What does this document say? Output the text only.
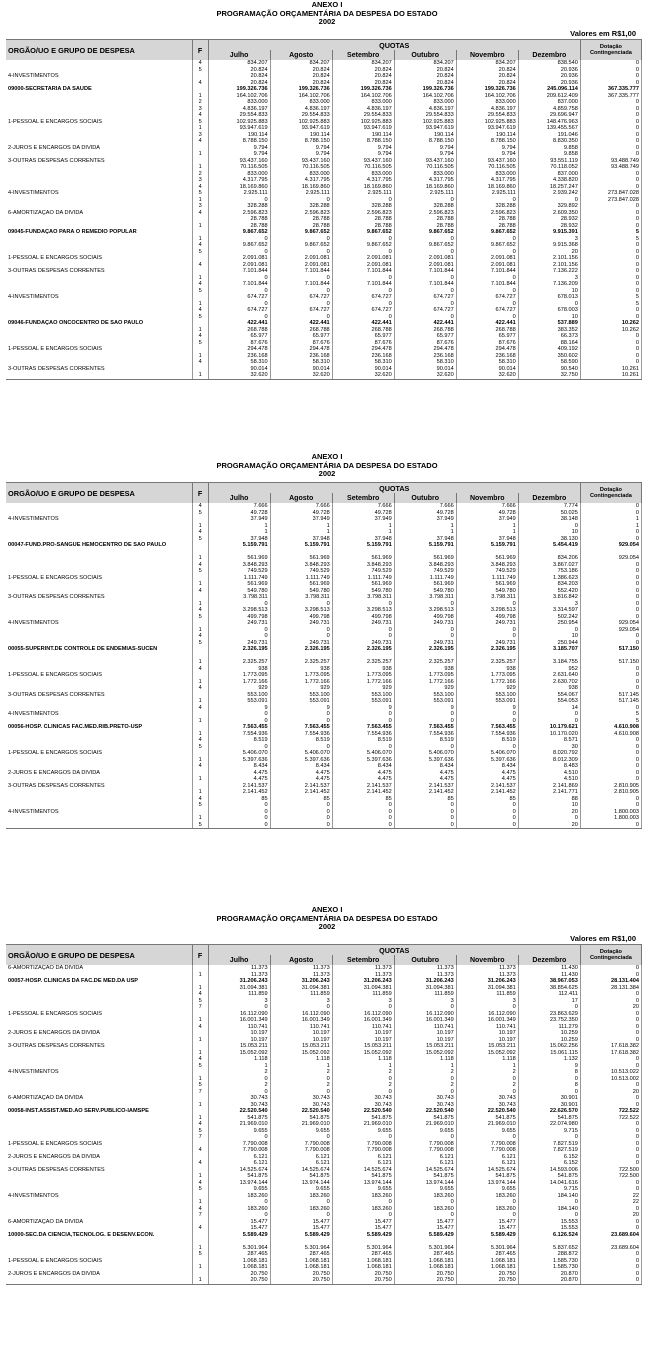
ANEXO I
PROGRAMAÇÃO ORÇAMENTÁRIA DA DESPESA DO ESTADO
2002
Valores em R$1,00
ORGÃO/UO E GRUPO DE DESPESA	F	QUOTAS						Dotação Contingenciada
		Julho	Agosto	Setembro	Outubro	Novembro	Dezembro	
	4	834.207	834.207	834.207	834.207	834.207	838.540	0
	5	20.824	20.824	20.824	20.824	20.824	20.936	0
4-INVESTIMENTOS		20.824	20.824	20.824	20.824	20.824	20.936	0
	4	20.824	20.824	20.824	20.824	20.824	20.936	0
09000-SECRETARIA DA SAÚDE		199.326.736	199.326.736	199.326.736	199.326.736	199.326.736	245.096.114	367.335.777
	1	164.102.706	164.102.706	164.102.706	164.102.706	164.102.706	209.612.409	367.335.777
	2	833.000	833.000	833.000	833.000	833.000	837.000	0
	3	4.836.197	4.836.197	4.836.197	4.836.197	4.836.197	4.859.758	0
	4	29.554.833	29.554.833	29.554.833	29.554.833	29.554.833	29.696.947	0
1-PESSOAL E ENCARGOS SOCIAIS	5	102.925.883	102.925.883	102.925.883	102.925.883	102.925.883	148.476.963	0
	1	93.947.619	93.947.619	93.947.619	93.947.619	93.947.619	139.455.567	0
	3	190.114	190.114	190.114	190.114	190.114	191.046	0
	4	8.788.150	8.788.150	8.788.150	8.788.150	8.788.150	8.830.350	0
2-JUROS E ENCARGOS DA DÍVIDA		9.794	9.794	9.794	9.794	9.794	9.858	0
	1	9.794	9.794	9.794	9.794	9.794	9.858	0
3-OUTRAS DESPESAS CORRENTES		93.437.160	93.437.160	93.437.160	93.437.160	93.437.160	93.551.119	93.488.749
	1	70.116.505	70.116.505	70.116.505	70.116.505	70.116.505	70.118.052	93.488.749
	2	833.000	833.000	833.000	833.000	833.000	837.000	0
	3	4.317.795	4.317.795	4.317.795	4.317.795	4.317.795	4.338.820	0
	4	18.169.860	18.169.860	18.169.860	18.169.860	18.169.860	18.257.247	0
4-INVESTIMENTOS	5	2.925.111	2.925.111	2.925.111	2.925.111	2.925.111	2.939.242	273.847.028
	1	0	0	0	0	0	0	273.847.028
	3	328.288	328.288	328.288	328.288	328.288	329.892	0
6-AMORTIZAÇÃO DA DÍVIDA	4	2.596.823	2.596.823	2.596.823	2.596.823	2.596.823	2.609.350	0
		28.788	28.788	28.788	28.788	28.788	28.932	0
	1	28.788	28.788	28.788	28.788	28.788	28.932	0
09045-FUNDAÇÃO PARA O REMÉDIO POPULAR		9.867.652	9.867.652	9.867.652	9.867.652	9.867.652	9.915.391	5
	1	0	0	0	0	0	3	5
	4	9.867.652	9.867.652	9.867.652	9.867.652	9.867.652	9.915.368	0
	5	0	0	0	0	0	20	0
1-PESSOAL E ENCARGOS SOCIAIS		2.091.081	2.091.081	2.091.081	2.091.081	2.091.081	2.101.156	0
	4	2.091.081	2.091.081	2.091.081	2.091.081	2.091.081	2.101.156	0
3-OUTRAS DESPESAS CORRENTES		7.101.844	7.101.844	7.101.844	7.101.844	7.101.844	7.136.222	0
	1	0	0	0	0	0	3	0
	4	7.101.844	7.101.844	7.101.844	7.101.844	7.101.844	7.136.209	0
	5	0	0	0	0	0	10	0
4-INVESTIMENTOS		674.727	674.727	674.727	674.727	674.727	678.013	5
	1	0	0	0	0	0	0	5
	4	674.727	674.727	674.727	674.727	674.727	678.003	0
	5	0	0	0	0	0	10	0
09046-FUNDAÇÃO ONCOCENTRO DE SÃO PAULO		422.441	422.441	422.441	422.441	422.441	537.889	10.262
	1	268.788	268.788	268.788	268.788	268.788	383.352	10.262
	4	65.977	65.977	65.977	65.977	65.977	66.373	0
	5	87.676	87.676	87.676	87.676	87.676	88.164	0
1-PESSOAL E ENCARGOS SOCIAIS		294.478	294.478	294.478	294.478	294.478	409.192	0
	1	236.168	236.168	236.168	236.168	236.168	350.602	0
	4	58.310	58.310	58.310	58.310	58.310	58.590	0
3-OUTRAS DESPESAS CORRENTES		90.014	90.014	90.014	90.014	90.014	90.540	10.261
	1	32.620	32.620	32.620	32.620	32.620	32.750	10.261
ANEXO I
PROGRAMAÇÃO ORÇAMENTÁRIA DA DESPESA DO ESTADO
2002
ORGÃO/UO E GRUPO DE DESPESA	F	QUOTAS						Dotação Contingenciada
		Julho	Agosto	Setembro	Outubro	Novembro	Dezembro	
	4	7.666	7.666	7.666	7.666	7.666	7.774	0
	5	49.728	49.728	49.728	49.728	49.728	50.025	0
4-INVESTIMENTOS		37.949	37.949	37.949	37.949	37.949	38.148	1
	1	1	1	1	1	1	0	1
	4	1	1	1	1	1	10	0
	5	37.948	37.948	37.948	37.948	37.948	38.130	0
00047-FUND.PRÓ-SANGUE HEMOCENTRO DE SÃO PAULO		5.159.791	5.159.791	5.159.791	5.159.791	5.159.791	5.454.419	929.054

	1	561.969	561.969	561.969	561.969	561.969	834.206	929.054
	4	3.848.293	3.848.293	3.848.293	3.848.293	3.848.293	3.867.027	0
	5	749.529	749.529	749.529	749.529	749.529	753.186	0
1-PESSOAL E ENCARGOS SOCIAIS		1.111.749	1.111.749	1.111.749	1.111.749	1.111.749	1.386.623	0
	1	561.969	561.969	561.969	561.969	561.969	834.203	0
	4	549.780	549.780	549.780	549.780	549.780	552.420	0
3-OUTRAS DESPESAS CORRENTES		3.798.311	3.798.311	3.798.311	3.798.311	3.798.311	3.816.842	0
	1	0	0	0	0	0	3	0
	4	3.298.513	3.298.513	3.298.513	3.298.513	3.298.513	3.314.597	0
	5	499.798	499.798	499.798	499.798	499.798	502.242	0
4-INVESTIMENTOS		249.731	249.731	249.731	249.731	249.731	250.954	929.054
	1	0	0	0	0	0	0	929.054
	4	0	0	0	0	0	10	0
	5	249.731	249.731	249.731	249.731	249.731	250.944	0
00055-SUPERINT.DE CONTROLE DE ENDEMIAS-SUCEN		2.326.195	2.326.195	2.326.195	2.326.195	2.326.195	3.185.707	517.150

	1	2.325.257	2.325.257	2.325.257	2.325.257	2.325.257	3.184.755	517.150
	4	938	938	938	938	938	952	0
1-PESSOAL E ENCARGOS SOCIAIS		1.773.095	1.773.095	1.773.095	1.773.095	1.773.095	2.631.640	0
	1	1.772.166	1.772.166	1.772.166	1.772.166	1.772.166	2.630.702	0
	4	929	929	929	929	929	938	0
3-OUTRAS DESPESAS CORRENTES		553.100	553.100	553.100	553.100	553.100	554.067	517.145
	1	553.091	553.091	553.091	553.091	553.091	554.053	517.145
	4	9	9	9	9	9	14	0
4-INVESTIMENTOS		0	0	0	0	0	0	5
	1	0	0	0	0	0	0	5
00056-HOSP. CLÍNICAS FAC.MED.RIB.PRETO-USP		7.563.455	7.563.455	7.563.455	7.563.455	7.563.455	10.179.621	4.610.908
	1	7.554.936	7.554.936	7.554.936	7.554.936	7.554.936	10.170.020	4.610.908
	4	8.519	8.519	8.519	8.519	8.519	8.571	0
	5	0	0	0	0	0	30	0
1-PESSOAL E ENCARGOS SOCIAIS		5.406.070	5.406.070	5.406.070	5.406.070	5.406.070	8.020.792	0
	1	5.397.636	5.397.636	5.397.636	5.397.636	5.397.636	8.012.309	0
	4	8.434	8.434	8.434	8.434	8.434	8.483	0
2-JUROS E ENCARGOS DA DÍVIDA		4.475	4.475	4.475	4.475	4.475	4.510	0
	1	4.475	4.475	4.475	4.475	4.475	4.510	0
3-OUTRAS DESPESAS CORRENTES		2.141.537	2.141.537	2.141.537	2.141.537	2.141.537	2.141.869	2.810.905
	1	2.141.452	2.141.452	2.141.452	2.141.452	2.141.452	2.141.771	2.810.905
	4	85	85	85	85	85	88	0
	5	0	0	0	0	0	10	0
4-INVESTIMENTOS		0	0	0	0	0	20	1.800.003
	1	0	0	0	0	0	0	1.800.003
	5	0	0	0	0	0	20	0
ANEXO I
PROGRAMAÇÃO ORÇAMENTÁRIA DA DESPESA DO ESTADO
2002
Valores em R$1,00
ORGÃO/UO E GRUPO DE DESPESA	F	QUOTAS						Dotação Contingenciada
		Julho	Agosto	Setembro	Outubro	Novembro	Dezembro	
6-AMORTIZAÇÃO DA DÍVIDA		11.373	11.373	11.373	11.373	11.373	11.430	0
	1	11.373	11.373	11.373	11.373	11.373	11.430	0
00057-HOSP. CLÍNICAS DA FAC.DE MED.DA USP		31.206.243	31.206.243	31.206.243	31.206.243	31.206.243	38.967.053	28.131.404
	1	31.094.381	31.094.381	31.094.381	31.094.381	31.094.381	38.854.625	28.131.384
	4	111.859	111.859	111.859	111.859	111.859	112.411	0
	5	3	3	3	3	3	17	0
	7	0	0	0	0	0	0	20
1-PESSOAL E ENCARGOS SOCIAIS		16.112.090	16.112.090	16.112.090	16.112.090	16.112.090	23.863.629	0
	1	16.001.349	16.001.349	16.001.349	16.001.349	16.001.349	23.752.350	0
	4	110.741	110.741	110.741	110.741	110.741	111.279	0
2-JUROS E ENCARGOS DA DÍVIDA		10.197	10.197	10.197	10.197	10.197	10.259	0
	1	10.197	10.197	10.197	10.197	10.197	10.259	0
3-OUTRAS DESPESAS CORRENTES		15.053.211	15.053.211	15.053.211	15.053.211	15.053.211	15.062.256	17.618.382
	1	15.052.092	15.052.092	15.052.092	15.052.092	15.052.092	15.061.115	17.618.382
	4	1.118	1.118	1.118	1.118	1.118	1.132	0
	5	1	1	1	1	1	9	0
4-INVESTIMENTOS		2	2	2	2	2	8	10.513.022
	1	0	0	0	0	0	0	10.513.002
	5	2	2	2	2	2	8	0
	7	0	0	0	0	0	0	20
6-AMORTIZAÇÃO DA DÍVIDA		30.743	30.743	30.743	30.743	30.743	30.901	0
	1	30.743	30.743	30.743	30.743	30.743	30.901	0
00058-INST.ASSIST.MÉD.AO SERV.PÚBLICO-IAMSPE		22.520.540	22.520.540	22.520.540	22.520.540	22.520.540	22.626.570	722.522
	1	541.875	541.875	541.875	541.875	541.875	541.875	722.522
	4	21.969.010	21.969.010	21.969.010	21.969.010	21.969.010	22.074.980	0
	5	9.655	9.655	9.655	9.655	9.655	9.715	0
	7	0	0	0	0	0	0	0
1-PESSOAL E ENCARGOS SOCIAIS		7.790.008	7.790.008	7.790.008	7.790.008	7.790.008	7.827.519	0
	4	7.790.008	7.790.008	7.790.008	7.790.008	7.790.008	7.827.519	0
2-JUROS E ENCARGOS DA DÍVIDA		6.121	6.121	6.121	6.121	6.121	6.152	0
	4	6.121	6.121	6.121	6.121	6.121	6.152	0
3-OUTRAS DESPESAS CORRENTES		14.525.674	14.525.674	14.525.674	14.525.674	14.525.674	14.593.006	722.500
	1	541.875	541.875	541.875	541.875	541.875	541.875	722.500
	4	13.974.144	13.974.144	13.974.144	13.974.144	13.974.144	14.041.616	0
	5	9.655	9.655	9.655	9.655	9.655	9.715	0
4-INVESTIMENTOS		183.260	183.260	183.260	183.260	183.260	184.140	22
	1	0	0	0	0	0	0	22
	4	183.260	183.260	183.260	183.260	183.260	184.140	0
	7	0	0	0	0	0	0	20
6-AMORTIZAÇÃO DA DÍVIDA		15.477	15.477	15.477	15.477	15.477	15.553	0
	4	15.477	15.477	15.477	15.477	15.477	15.553	0
10000-SEC.DA CIÊNCIA,TECNOLOG. E DESENV.ECON.		5.589.429	5.589.429	5.589.429	5.589.429	5.589.429	6.126.524	23.689.604

	1	5.301.964	5.301.964	5.301.964	5.301.964	5.301.964	5.837.652	23.689.604
	5	287.465	287.465	287.465	287.465	287.465	288.872	0
1-PESSOAL E ENCARGOS SOCIAIS		1.068.181	1.068.181	1.068.181	1.068.181	1.068.181	1.585.730	0
	1	1.068.181	1.068.181	1.068.181	1.068.181	1.068.181	1.585.730	0
2-JUROS E ENCARGOS DA DÍVIDA		20.750	20.750	20.750	20.750	20.750	20.870	0
	1	20.750	20.750	20.750	20.750	20.750	20.870	0
